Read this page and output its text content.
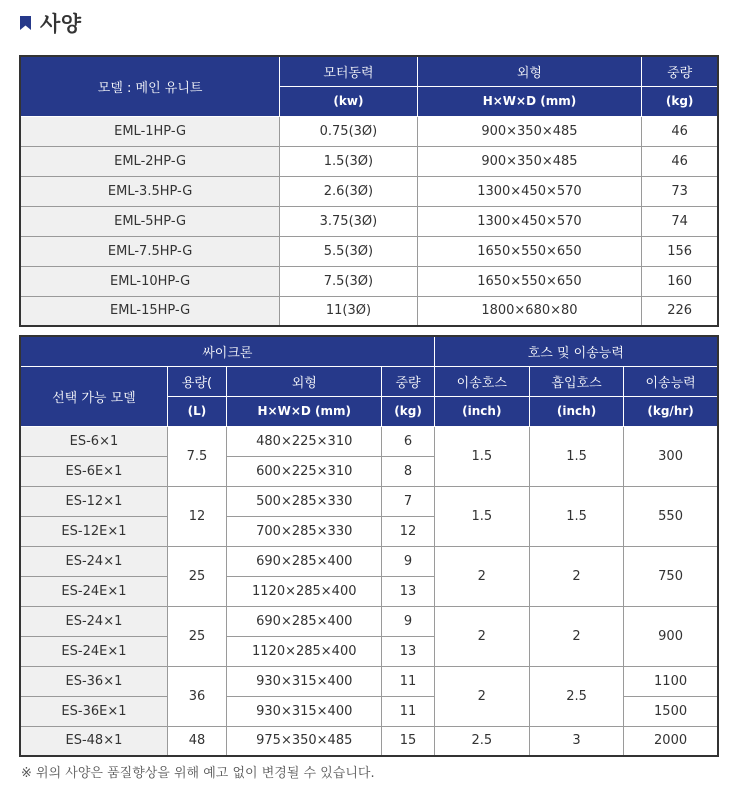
사양
모델 : 메인 유니트	모터동력	외형	중량
	(kw)	H×W×D (mm)	(kg)
EML-1HP-G	0.75(3Ø)	900×350×485	46
EML-2HP-G	1.5(3Ø)	900×350×485	46
EML-3.5HP-G	2.6(3Ø)	1300×450×570	73
EML-5HP-G	3.75(3Ø)	1300×450×570	74
EML-7.5HP-G	5.5(3Ø)	1650×550×650	156
EML-10HP-G	7.5(3Ø)	1650×550×650	160
EML-15HP-G	11(3Ø)	1800×680×80	226
싸이크론				호스 및 이송능력		
선택 가능 모델	용량(	외형	중량	이송호스	흡입호스	이송능력
	(L)	H×W×D (mm)	(kg)	(inch)	(inch)	(kg/hr)
ES-6×1	7.5	480×225×310	6	1.5	1.5	300
ES-6E×1		600×225×310	8			
ES-12×1	12	500×285×330	7	1.5	1.5	550
ES-12E×1		700×285×330	12			
ES-24×1	25	690×285×400	9	2	2	750
ES-24E×1		1120×285×400	13			
ES-24×1	25	690×285×400	9	2	2	900
ES-24E×1		1120×285×400	13			
ES-36×1	36	930×315×400	11	2	2.5	1100
ES-36E×1		930×315×400	11			1500
ES-48×1	48	975×350×485	15	2.5	3	2000
※ 위의 사양은 품질향상을 위해 예고 없이 변경될 수 있습니다.
